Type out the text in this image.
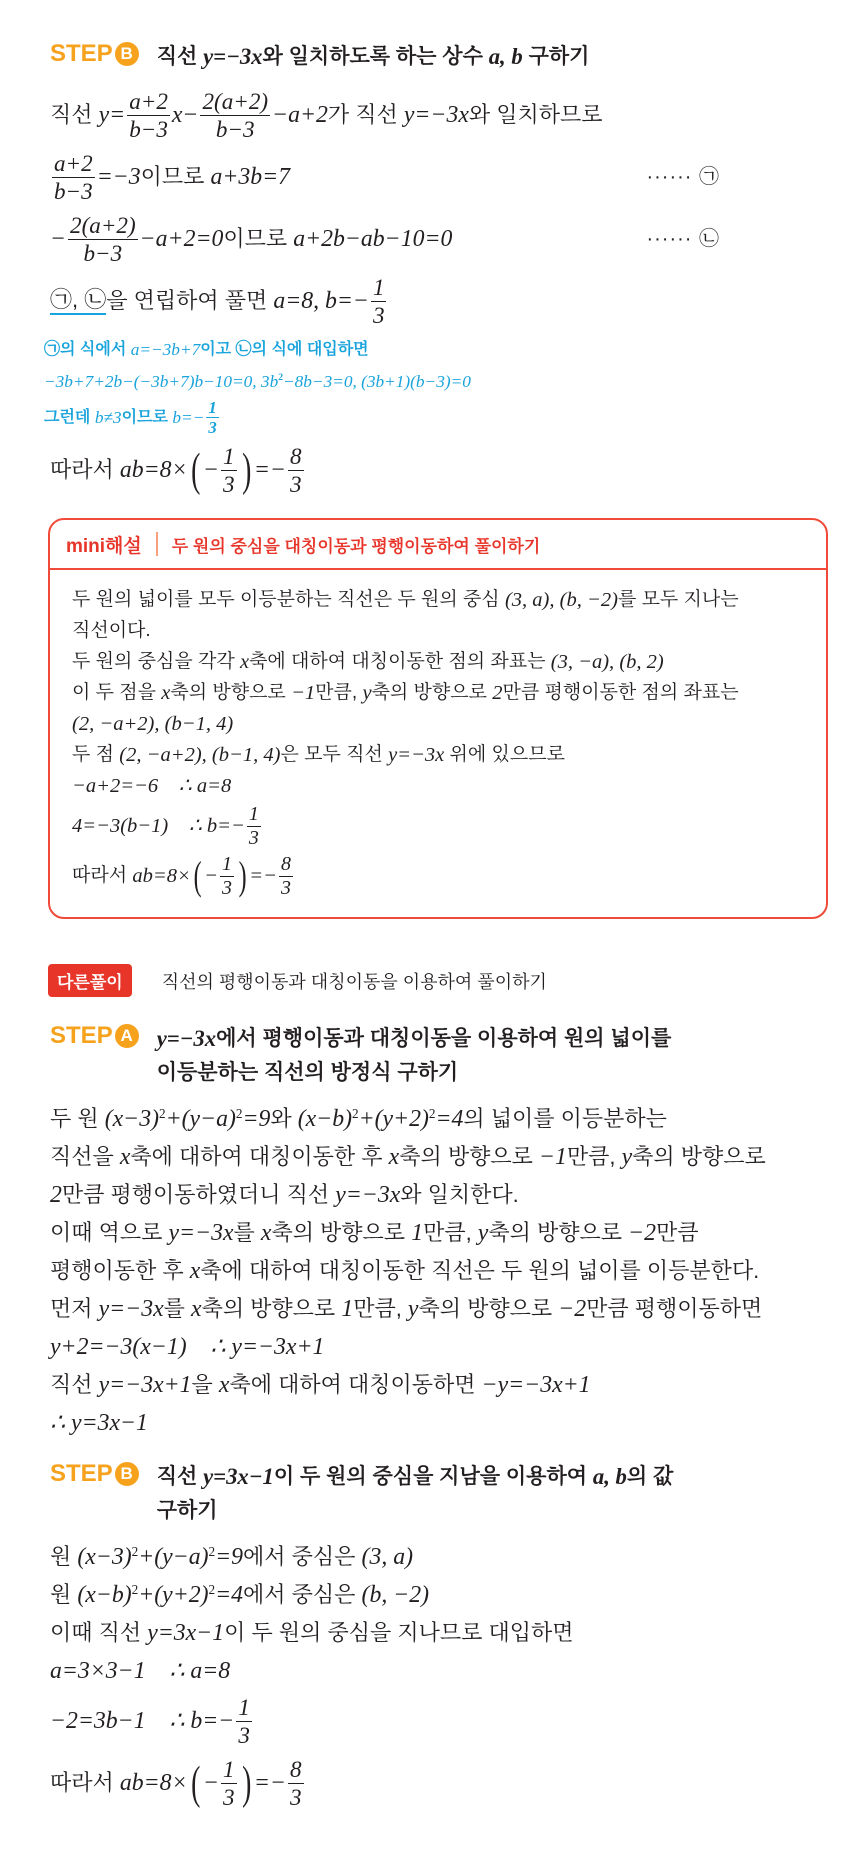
STEP B 직선 y=−3x 와 일치하도록 하는 상수 a, b 구하기
직선 $y= \frac{a+2}{b-3} x- \frac{2(a+2)}{b-3} -a+2$ 가 직선 y=−3x 와 일치하므로
$\frac{a+2}{b-3} =-3$ 이므로 a+3b=7	······ ㉠
− $\frac{2(a+2)}{b-3} -a+2=0$ 이므로 a+2b−ab−10=0	······ ㉡
㉠, ㉡ 을 연립하여 풀면 a=8, $b=- \frac{1}{3}$
㉠의 식에서 a=−3b+7 이고 ㉡의 식에 대입하면
−3b+7+2b−(−3b+7)b−10=0, 3b 2 −8b−3=0, (3b+1)(b−3)=0
그런데 b≠3 이므로 $b=- \frac{1}{3}$
따라서 ab=8× ( − $\frac{1}{3}$ ) =− $\frac{8}{3}$
mini해설 두 원의 중심을 대칭이동과 평행이동하여 풀이하기
두 원의 넓이를 모두 이등분하는 직선은 두 원의 중심 (3, a), (b, −2) 를 모두 지나는
직선이다.
두 원의 중심을 각각 x 축에 대하여 대칭이동한 점의 좌표는 (3, −a), (b, 2)
이 두 점을 x 축의 방향으로 −1 만큼, y 축의 방향으로 2 만큼 평행이동한 점의 좌표는
(2, −a+2), (b−1, 4)
두 점 (2, −a+2), (b−1, 4) 은 모두 직선 y=−3x 위에 있으므로
−a+2=−6    ∴ a=8
4=−3(b−1)    ∴ $b=- \frac{1}{3}$
따라서 ab=8× ( − $\frac{1}{3}$ ) =− $\frac{8}{3}$
다른풀이	직선의 평행이동과 대칭이동을 이용하여 풀이하기
STEP A y=−3x 에서 평행이동과 대칭이동을 이용하여 원의 넓이를
이등분하는 직선의 방정식 구하기
두 원 (x−3) 2 +(y−a) 2 =9 와 (x−b) 2 +(y+2) 2 =4 의 넓이를 이등분하는
직선을 x 축에 대하여 대칭이동한 후 x 축의 방향으로 −1 만큼, y 축의 방향으로
2 만큼 평행이동하였더니 직선 y=−3x 와 일치한다.
이때 역으로 y=−3x 를 x 축의 방향으로 1 만큼, y 축의 방향으로 −2 만큼
평행이동한 후 x 축에 대하여 대칭이동한 직선은 두 원의 넓이를 이등분한다.
먼저 y=−3x 를 x 축의 방향으로 1 만큼, y 축의 방향으로 −2 만큼 평행이동하면
y+2=−3(x−1)    ∴ y=−3x+1
직선 y=−3x+1 을 x 축에 대하여 대칭이동하면 −y=−3x+1
∴ y=3x−1
STEP B 직선 y=3x−1 이 두 원의 중심을 지남을 이용하여 a, b 의 값
구하기
원 (x−3) 2 +(y−a) 2 =9 에서 중심은 (3, a)
원 (x−b) 2 +(y+2) 2 =4 에서 중심은 (b, −2)
이때 직선 y=3x−1 이 두 원의 중심을 지나므로 대입하면
a=3×3−1    ∴ a=8
−2=3b−1    ∴ $b=- \frac{1}{3}$
따라서 ab=8× ( − $\frac{1}{3}$ ) =− $\frac{8}{3}$
